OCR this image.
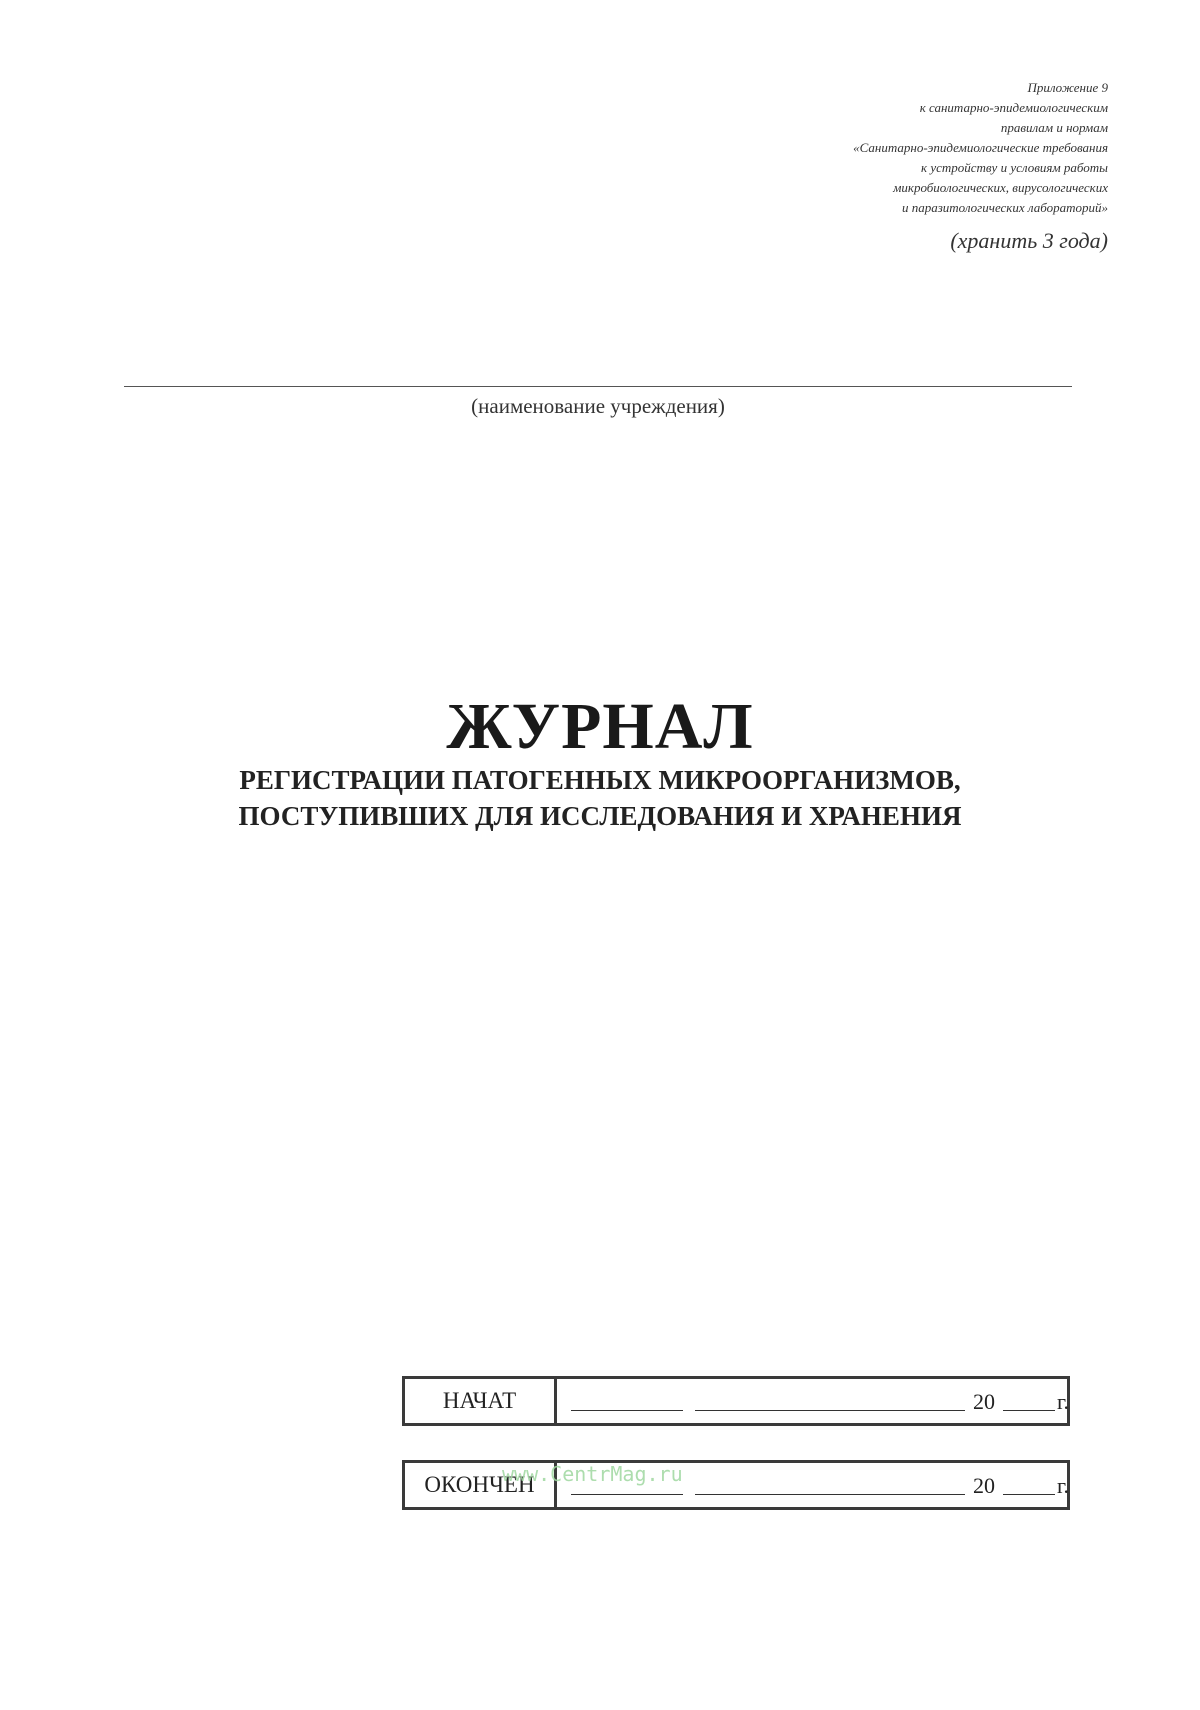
Приложение 9
к санитарно-эпидемиологическим
правилам и нормам
«Санитарно-эпидемиологические требования
к устройству и условиям работы
микробиологических, вирусологических
и паразитологических лабораторий»
(хранить 3 года)
(наименование учреждения)
ЖУРНАЛ
РЕГИСТРАЦИИ ПАТОГЕННЫХ МИКРООРГАНИЗМОВ,
ПОСТУПИВШИХ ДЛЯ ИССЛЕДОВАНИЯ И ХРАНЕНИЯ
НАЧАТ	20	г.
ОКОНЧЕН	20	г.
www.CentrMag.ru
